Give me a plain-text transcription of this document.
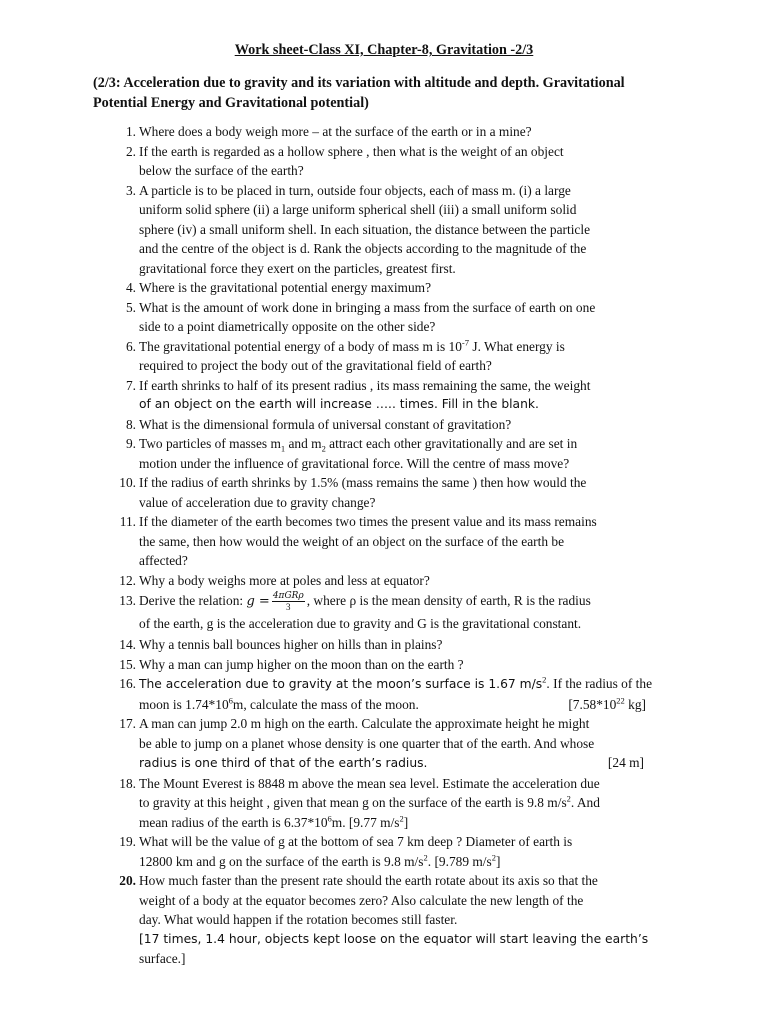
Work sheet-Class XI, Chapter-8, Gravitation -2/3
(2/3: Acceleration due to gravity and its variation with altitude and depth. Gravitational
Potential Energy and Gravitational potential)
1. Where does a body weigh more – at the surface of the earth or in a mine?
2. If the earth is regarded as a hollow sphere , then what is the weight of an object
below the surface of the earth?
3. A particle is to be placed in turn, outside four objects, each of mass m. (i) a large
uniform solid sphere (ii) a large uniform spherical shell (iii) a small uniform solid
sphere (iv) a small uniform shell. In each situation, the distance between the particle
and the centre of the object is d. Rank the objects according to the magnitude of the
gravitational force they exert on the particles, greatest first.
4. Where is the gravitational potential energy maximum?
5. What is the amount of work done in bringing a mass from the surface of earth on one
side to a point diametrically opposite on the other side?
6. The gravitational potential energy of a body of mass m is $10^{-7}$ J. What energy is
required to project the body out of the gravitational field of earth?
7. If earth shrinks to half of its present radius , its mass remaining the same, the weight
of an object on the earth will increase ….. times. Fill in the blank.
8. What is the dimensional formula of universal constant of gravitation?
9. Two particles of masses $m_1$ and $m_2$ attract each other gravitationally and are set in
motion under the influence of gravitational force. Will the centre of mass move?
10. If the radius of earth shrinks by 1.5% (mass remains the same ) then how would the
value of acceleration due to gravity change?
11. If the diameter of the earth becomes two times the present value and its mass remains
the same, then how would the weight of an object on the surface of the earth be
affected?
12. Why a body weighs more at poles and less at equator?
13. Derive the relation: $g = \frac{\text{4πGRρ}}{3}$ , where ρ is the mean density of earth, R is the radius
of the earth, g is the acceleration due to gravity and G is the gravitational constant.
14. Why a tennis ball bounces higher on hills than in plains?
15. Why a man can jump higher on the moon than on the earth ?
16. The acceleration due to gravity at the moon’s surface is 1.67 $m/s^2$. If the radius of the
moon is $1.74*10^6m$, calculate the mass of the moon.	[$7.58*10^{22}$ kg]
17. A man can jump 2.0 m high on the earth. Calculate the approximate height he might
be able to jump on a planet whose density is one quarter that of the earth. And whose
radius is one third of that of the earth’s radius.	[24 m]
18. The Mount Everest is 8848 m above the mean sea level. Estimate the acceleration due
to gravity at this height , given that mean g on the surface of the earth is 9.8 $m/s^2$. And
mean radius of the earth is $6.37*10^6m$. [9.77 $m/s^2$]
19. What will be the value of g at the bottom of sea 7 km deep ? Diameter of earth is
12800 km and g on the surface of the earth is 9.8 $m/s^2$. [9.789 $m/s^2$]
20. How much faster than the present rate should the earth rotate about its axis so that the
weight of a body at the equator becomes zero? Also calculate the new length of the
day. What would happen if the rotation becomes still faster.
[17 times, 1.4 hour, objects kept loose on the equator will start leaving the earth’s
surface.]
